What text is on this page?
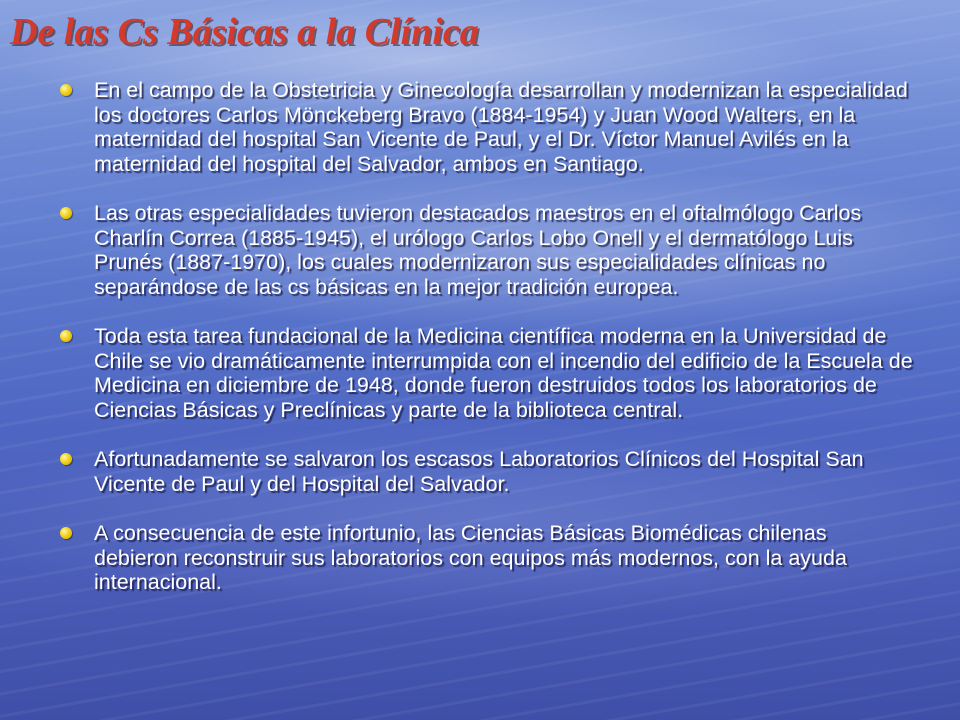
De las Cs Básicas a la Clínica
En el campo de la Obstetricia y Ginecología desarrollan y modernizan la especialidad los doctores Carlos Mönckeberg Bravo (1884-1954) y Juan Wood Walters, en la maternidad del hospital San Vicente de Paul, y el Dr. Víctor Manuel Avilés en la maternidad del hospital del Salvador, ambos en Santiago.
Las otras especialidades tuvieron destacados maestros en el oftalmólogo Carlos Charlín Correa (1885-1945), el urólogo Carlos Lobo Onell y el dermatólogo Luis Prunés (1887-1970), los cuales modernizaron sus especialidades clínicas no separándose de las cs básicas en la mejor tradición europea.
Toda esta tarea fundacional de la Medicina científica moderna en la Universidad de Chile se vio dramáticamente interrumpida con el incendio del edificio de la Escuela de Medicina en diciembre de 1948, donde fueron destruidos todos los laboratorios de Ciencias Básicas y Preclínicas y parte de la biblioteca central.
Afortunadamente se salvaron los escasos Laboratorios Clínicos del Hospital San Vicente de Paul y del Hospital del Salvador.
A consecuencia de este infortunio, las Ciencias Básicas Biomédicas chilenas debieron reconstruir sus laboratorios con equipos más modernos, con la ayuda internacional.
